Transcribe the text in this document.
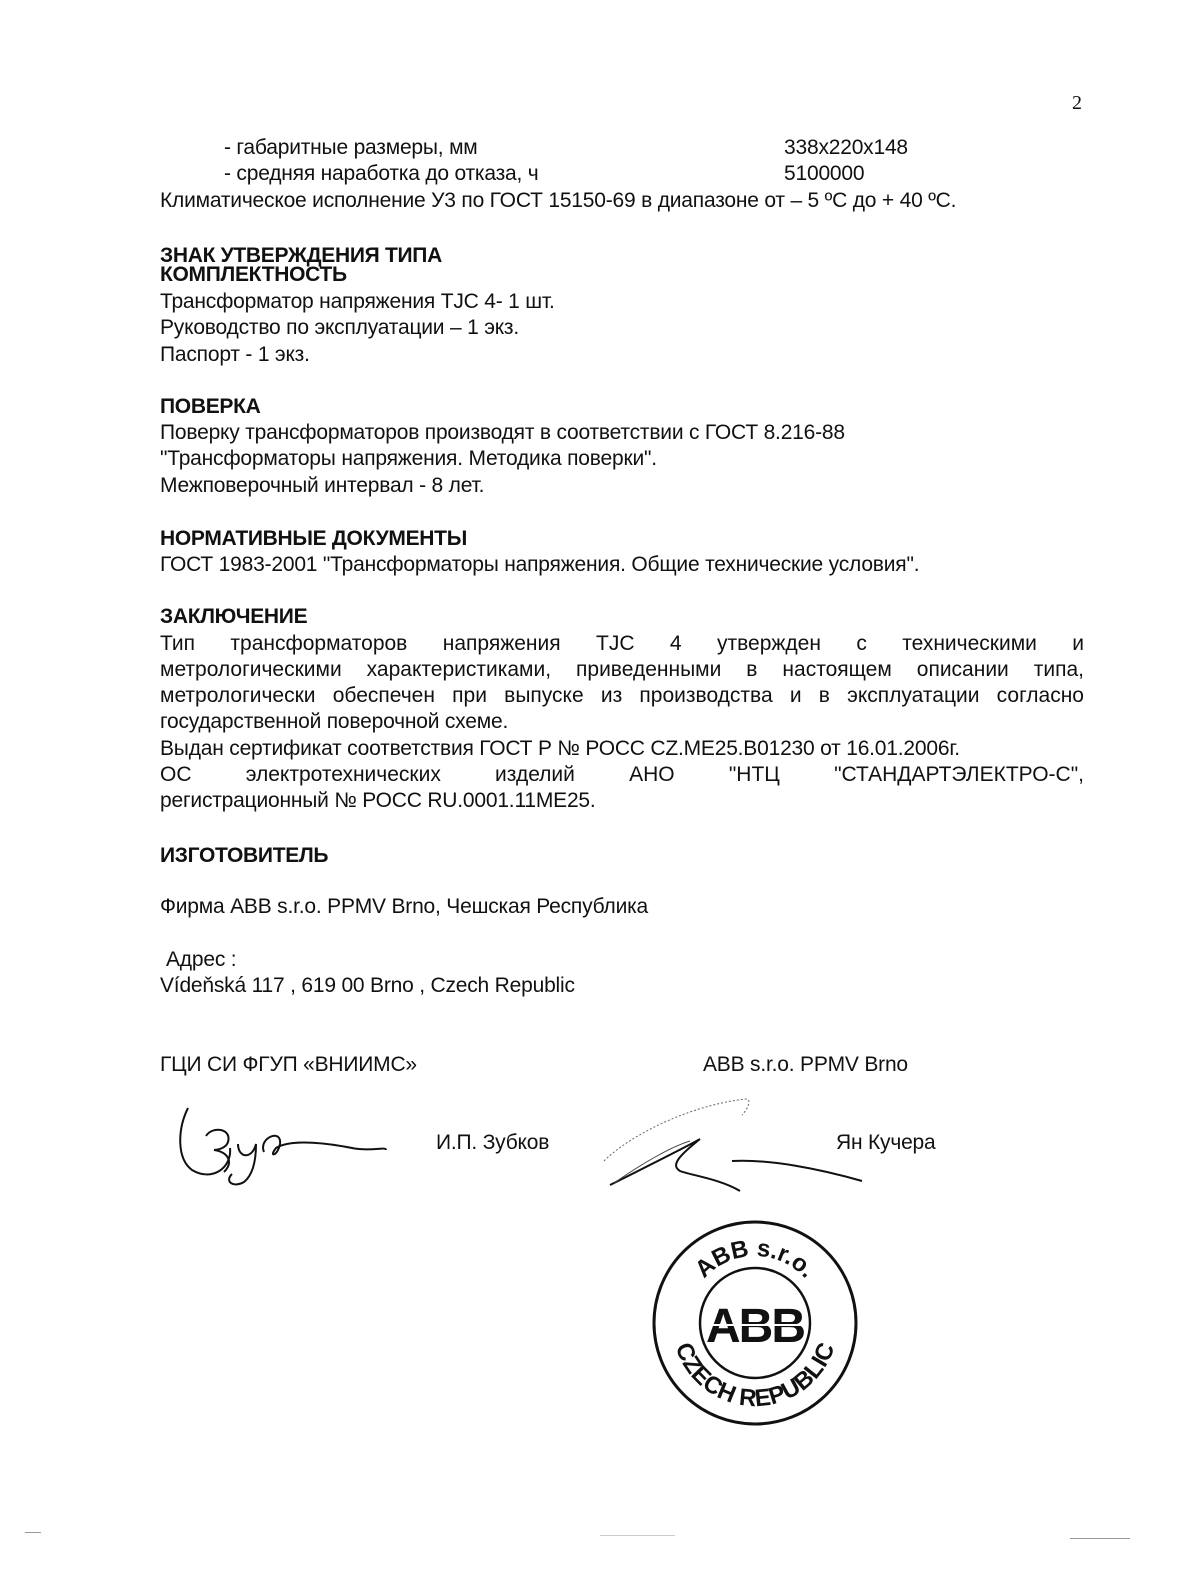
2
- габаритные размеры, мм	338x220x148
- средняя наработка до отказа, ч	5100000
Климатическое исполнение У3 по ГОСТ 15150-69 в диапазоне от – 5 ºС до + 40 ºС.
ЗНАК УТВЕРЖДЕНИЯ ТИПА
КОМПЛЕКТНОСТЬ
Трансформатор напряжения TJC 4- 1 шт.
Руководство по эксплуатации – 1 экз.
Паспорт - 1 экз.
ПОВЕРКА
Поверку трансформаторов производят в соответствии с ГОСТ 8.216-88
"Трансформаторы напряжения. Методика поверки".
Межповерочный интервал - 8 лет.
НОРМАТИВНЫЕ ДОКУМЕНТЫ
ГОСТ 1983-2001 "Трансформаторы напряжения. Общие технические условия".
ЗАКЛЮЧЕНИЕ
Тип трансформаторов напряжения TJC 4 утвержден с техническими и
метрологическими характеристиками, приведенными в настоящем описании типа,
метрологически обеспечен при выпуске из производства и в эксплуатации согласно
государственной поверочной схеме.
Выдан сертификат соответствия ГОСТ Р № РОСС CZ.ME25.B01230 от 16.01.2006г.
ОС электротехнических изделий АНО "НТЦ "СТАНДАРТЭЛЕКТРО-С",
регистрационный № РОСС RU.0001.11ME25.
ИЗГОТОВИТЕЛЬ
Фирма ABB s.r.o. PPMV Brno, Чешская Республика
Адрес :
Vídeňská 117 , 619 00 Brno , Czech Republic
ГЦИ СИ ФГУП «ВНИИМС»	ABB s.r.o. PPMV Brno
И.П. Зубков	Ян Кучера
ABB s.r.o.
CZECH REPUBLIC
ABB
